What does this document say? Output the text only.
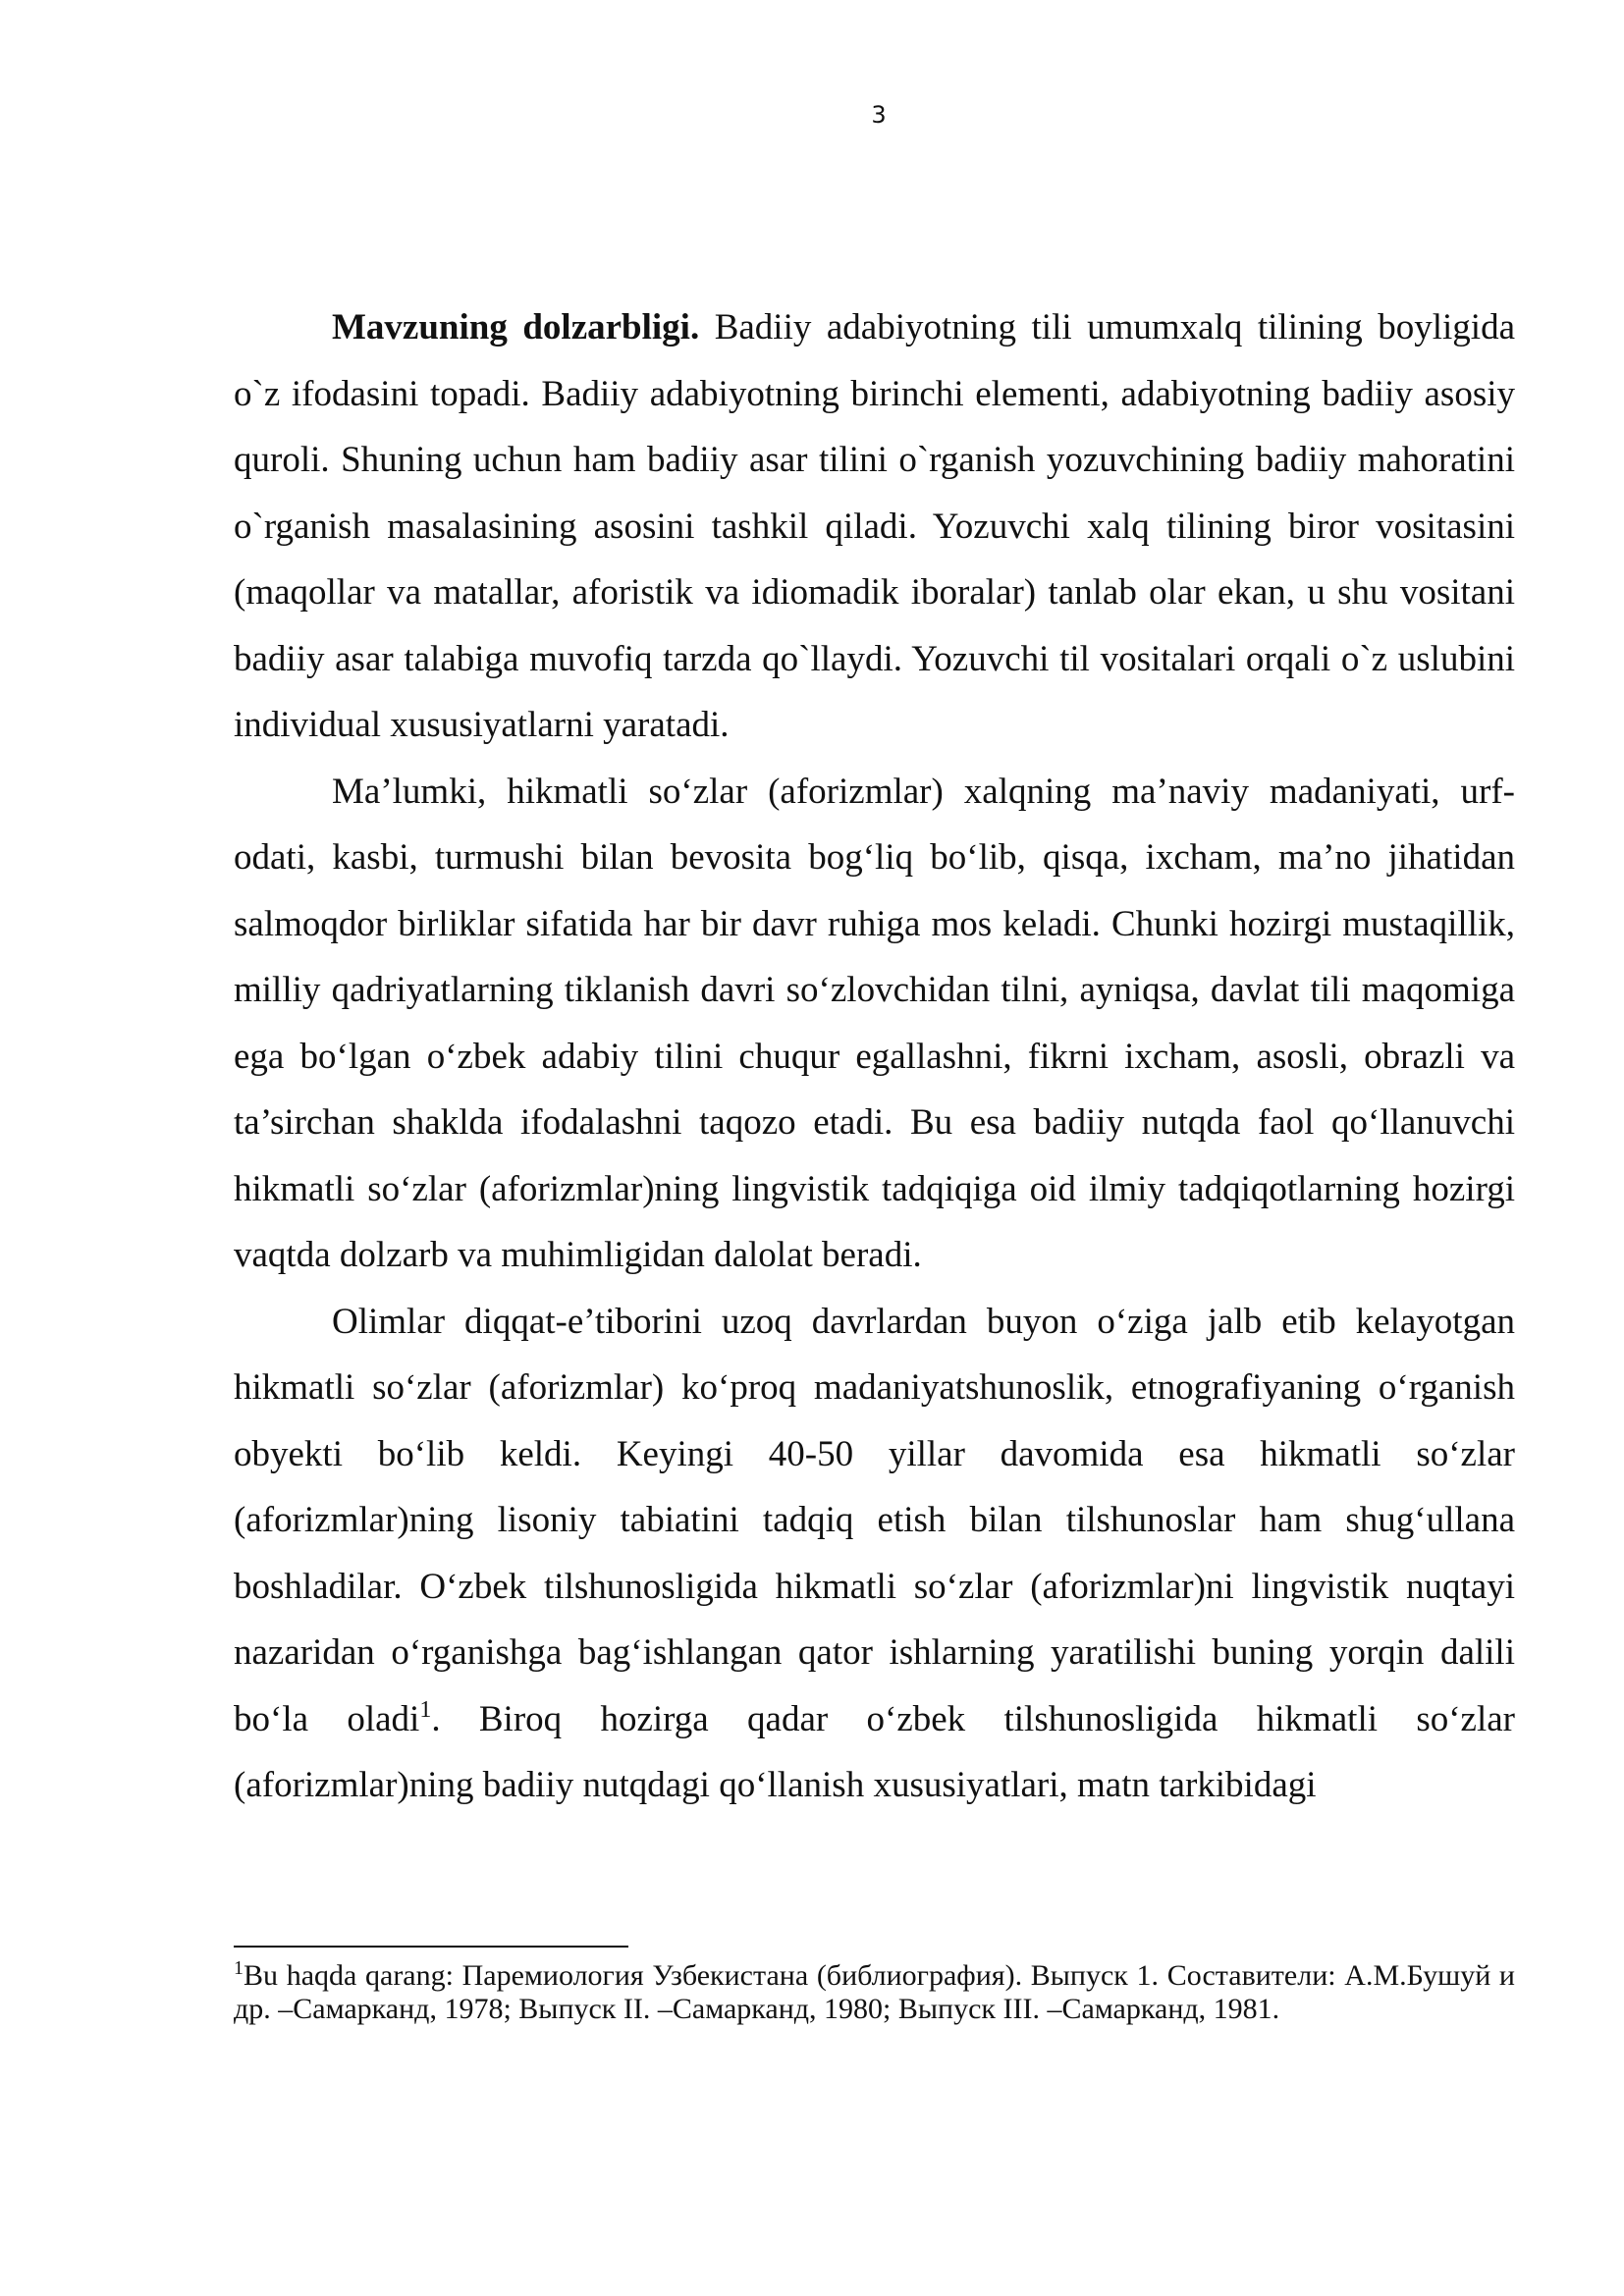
3

Mavzuning dolzarbligi. Badiiy adabiyotning tili umumxalq tilining boyligida o`z ifodasini topadi. Badiiy adabiyotning birinchi elementi, adabiyotning badiiy asosiy quroli. Shuning uchun ham badiiy asar tilini o`rganish yozuvchining badiiy mahoratini o`rganish masalasining asosini tashkil qiladi. Yozuvchi xalq tilining biror vositasini (maqollar va matallar, aforistik va idiomadik iboralar) tanlab olar ekan, u shu vositani badiiy asar talabiga muvofiq tarzda qo`llaydi. Yozuvchi til vositalari orqali o`z uslubini individual xususiyatlarni yaratadi.

Ma’lumki, hikmatli so‘zlar (aforizmlar) xalqning ma’naviy madaniyati, urf-odati, kasbi, turmushi bilan bevosita bog‘liq bo‘lib, qisqa, ixcham, ma’no jihatidan salmoqdor birliklar sifatida har bir davr ruhiga mos keladi. Chunki hozirgi mustaqillik, milliy qadriyatlarning tiklanish davri so‘zlovchidan tilni, ayniqsa, davlat tili maqomiga ega bo‘lgan o‘zbek adabiy tilini chuqur egallashni, fikrni ixcham, asosli, obrazli va ta’sirchan shaklda ifodalashni taqozo etadi. Bu esa badiiy nutqda faol qo‘llanuvchi hikmatli so‘zlar (aforizmlar)ning lingvistik tadqiqiga oid ilmiy tadqiqotlarning hozirgi vaqtda dolzarb va muhimligidan dalolat beradi.

Olimlar diqqat-e’tiborini uzoq davrlardan buyon o‘ziga jalb etib kelayotgan hikmatli so‘zlar (aforizmlar) ko‘proq madaniyatshunoslik, etnografiyaning o‘rganish obyekti bo‘lib keldi. Keyingi 40-50 yillar davomida esa hikmatli so‘zlar (aforizmlar)ning lisoniy tabiatini tadqiq etish bilan tilshunoslar ham shug‘ullana boshladilar. O‘zbek tilshunosligida hikmatli so‘zlar (aforizmlar)ni lingvistik nuqtayi nazaridan o‘rganishga bag‘ishlangan qator ishlarning yaratilishi buning yorqin dalili bo‘la oladi$^1$. Biroq hozirga qadar o‘zbek tilshunosligida hikmatli so‘zlar (aforizmlar)ning badiiy nutqdagi qo‘llanish xususiyatlari, matn tarkibidagi

$^1$Bu haqda qarang: Паремиология Узбекистана (библиография). Выпуск 1. Составители: А.М.Бушуй и др. –Самарканд, 1978; Выпуск II. –Самарканд, 1980; Выпуск III. –Самарканд, 1981.
